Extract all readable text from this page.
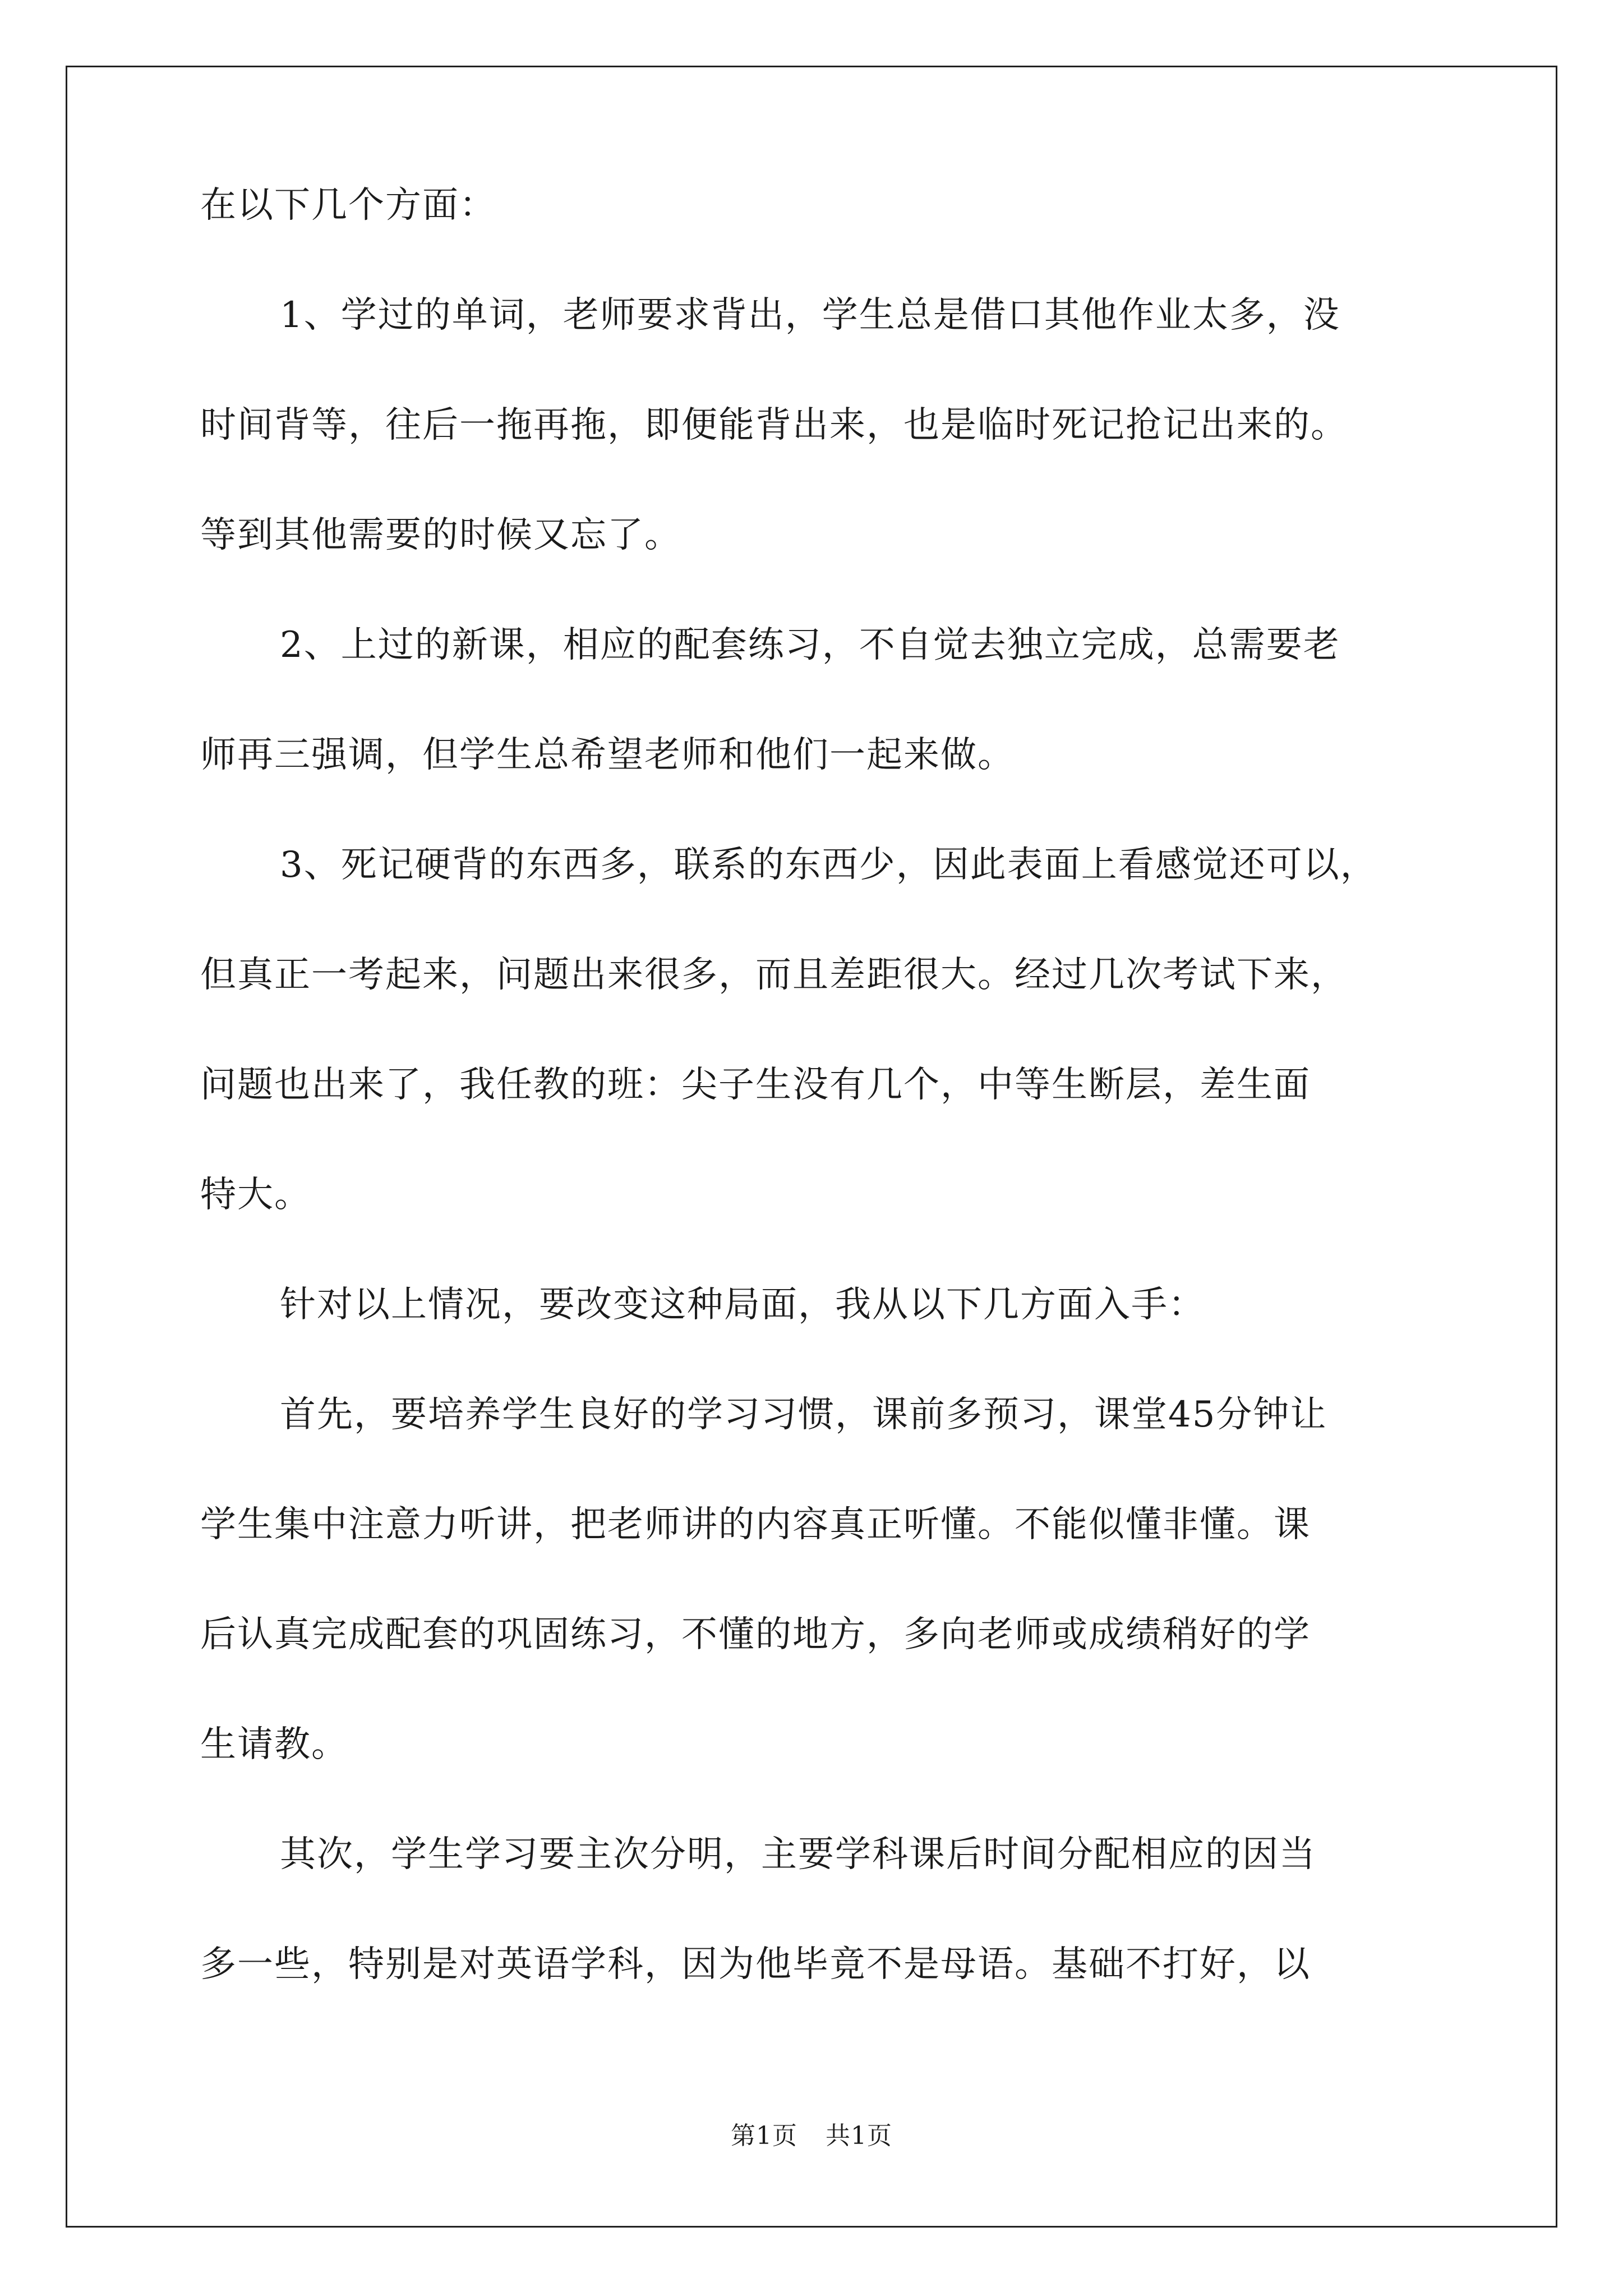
在以下几个方面：
1、学过的单词，老师要求背出，学生总是借口其他作业太多，没
时间背等，往后一拖再拖，即便能背出来，也是临时死记抢记出来的。
等到其他需要的时候又忘了。
2、上过的新课，相应的配套练习，不自觉去独立完成，总需要老
师再三强调，但学生总希望老师和他们一起来做。
3、死记硬背的东西多，联系的东西少，因此表面上看感觉还可以，
但真正一考起来，问题出来很多，而且差距很大。经过几次考试下来，
问题也出来了，我任教的班：尖子生没有几个，中等生断层，差生面
特大。
针对以上情况，要改变这种局面，我从以下几方面入手：
首先，要培养学生良好的学习习惯，课前多预习，课堂45分钟让
学生集中注意力听讲，把老师讲的内容真正听懂。不能似懂非懂。课
后认真完成配套的巩固练习，不懂的地方，多向老师或成绩稍好的学
生请教。
其次，学生学习要主次分明，主要学科课后时间分配相应的因当
多一些，特别是对英语学科，因为他毕竟不是母语。基础不打好，以
第1页 共1页
